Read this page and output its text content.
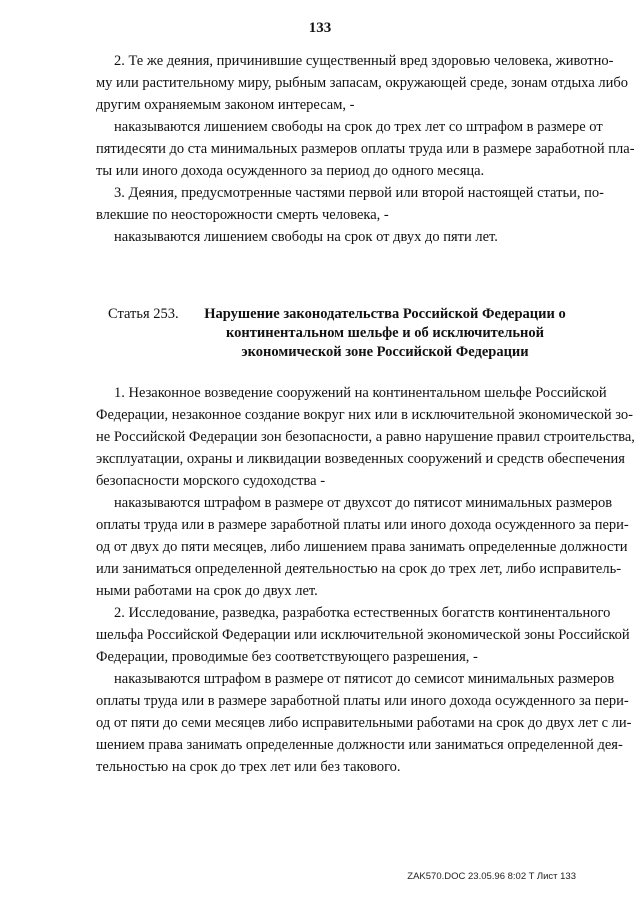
133
2. Те же деяния, причинившие существенный вред здоровью человека, животно-
му или растительному миру, рыбным запасам, окружающей среде, зонам отдыха либо
другим охраняемым законом интересам, -
наказываются лишением свободы на срок до трех лет со штрафом в размере от
пятидесяти до ста минимальных размеров оплаты труда или в размере заработной пла-
ты или иного дохода осужденного за период до одного месяца.
3. Деяния, предусмотренные частями первой или второй настоящей статьи, по-
влекшие по неосторожности смерть человека, -
наказываются лишением свободы на срок от двух до пяти лет.
Статья 253. Нарушение законодательства Российской Федерации о
континентальном шельфе и об исключительной
экономической зоне Российской Федерации
1. Незаконное возведение сооружений на континентальном шельфе Российской
Федерации, незаконное создание вокруг них или в исключительной экономической зо-
не Российской Федерации зон безопасности, а равно нарушение правил строительства,
эксплуатации, охраны и ликвидации возведенных сооружений и средств обеспечения
безопасности морского судоходства -
наказываются штрафом в размере от двухсот до пятисот минимальных размеров
оплаты труда или в размере заработной платы или иного дохода осужденного за пери-
од от двух до пяти месяцев, либо лишением права занимать определенные должности
или заниматься определенной деятельностью на срок до трех лет, либо исправитель-
ными работами на срок до двух лет.
2. Исследование, разведка, разработка естественных богатств континентального
шельфа Российской Федерации или исключительной экономической зоны Российской
Федерации, проводимые без соответствующего разрешения, -
наказываются штрафом в размере от пятисот до семисот минимальных размеров
оплаты труда или в размере заработной платы или иного дохода осужденного за пери-
од от пяти до семи месяцев либо исправительными работами на срок до двух лет с ли-
шением права занимать определенные должности или заниматься определенной дея-
тельностью на срок до трех лет или без такового.
ZAK570.DOC 23.05.96 8:02 T Лист 133
